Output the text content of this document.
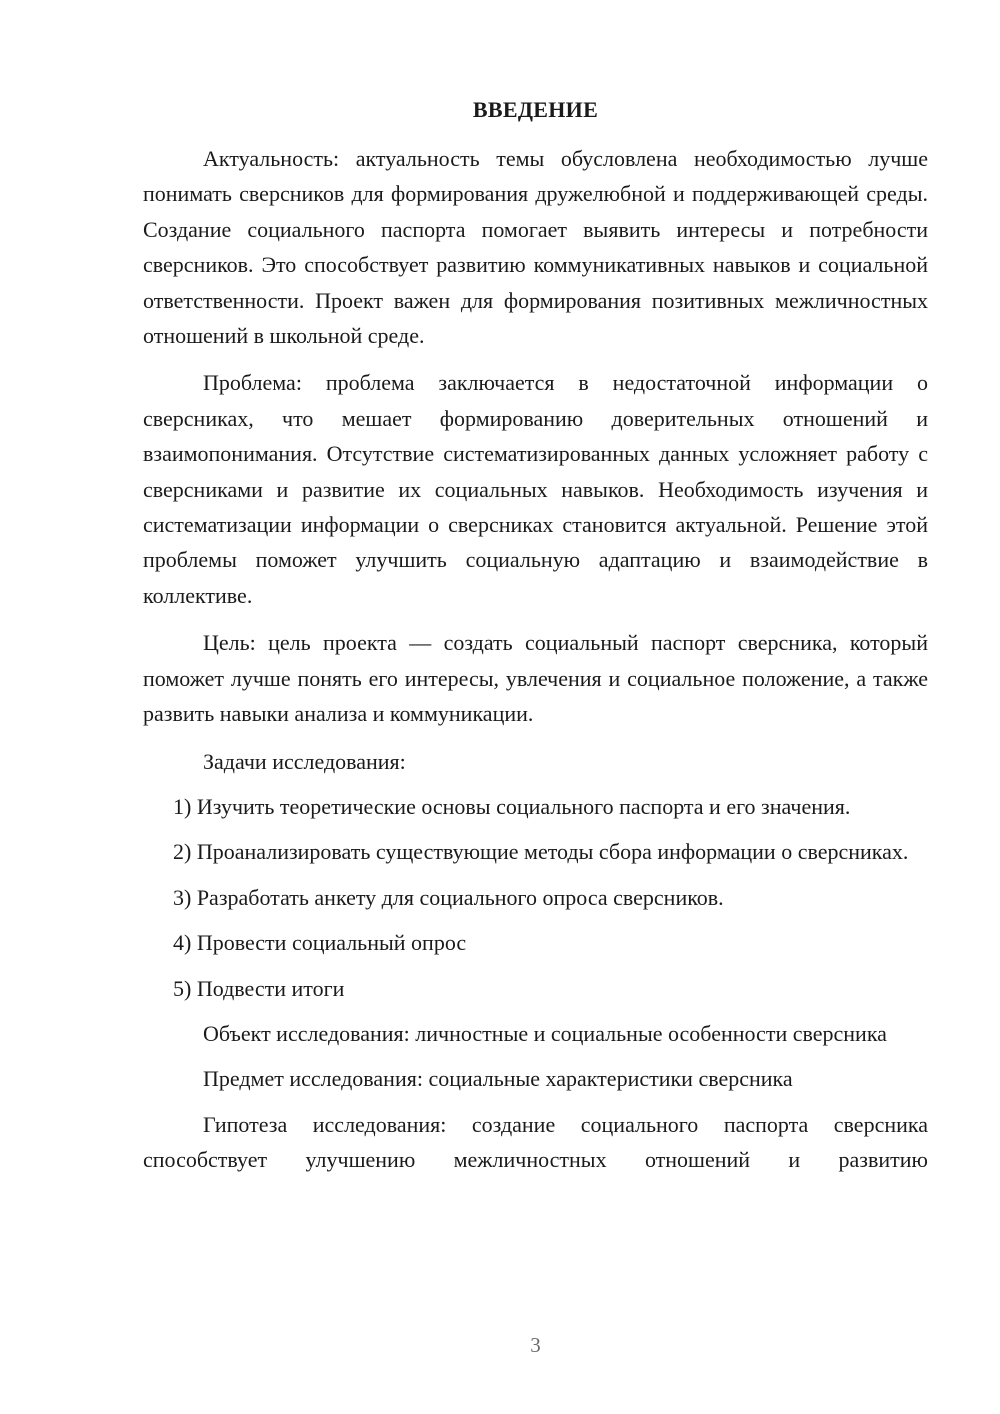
ВВЕДЕНИЕ

Актуальность: актуальность темы обусловлена необходимостью лучше понимать сверсников для формирования дружелюбной и поддерживающей среды. Создание социального паспорта помогает выявить интересы и потребности сверсников. Это способствует развитию коммуникативных навыков и социальной ответственности. Проект важен для формирования позитивных межличностных отношений в школьной среде.

Проблема: проблема заключается в недостаточной информации о сверсниках, что мешает формированию доверительных отношений и взаимопонимания. Отсутствие систематизированных данных усложняет работу с сверсниками и развитие их социальных навыков. Необходимость изучения и систематизации информации о сверсниках становится актуальной. Решение этой проблемы поможет улучшить социальную адаптацию и взаимодействие в коллективе.

Цель: цель проекта — создать социальный паспорт сверсника, который поможет лучше понять его интересы, увлечения и социальное положение, а также развить навыки анализа и коммуникации.

Задачи исследования:

1) Изучить теоретические основы социального паспорта и его значения.

2) Проанализировать существующие методы сбора информации о сверсниках.

3) Разработать анкету для социального опроса сверсников.

4) Провести социальный опрос

5) Подвести итоги

Объект исследования: личностные и социальные особенности сверсника

Предмет исследования: социальные характеристики сверсника

Гипотеза исследования: создание социального паспорта сверсника способствует улучшению межличностных отношений и развитию

3
